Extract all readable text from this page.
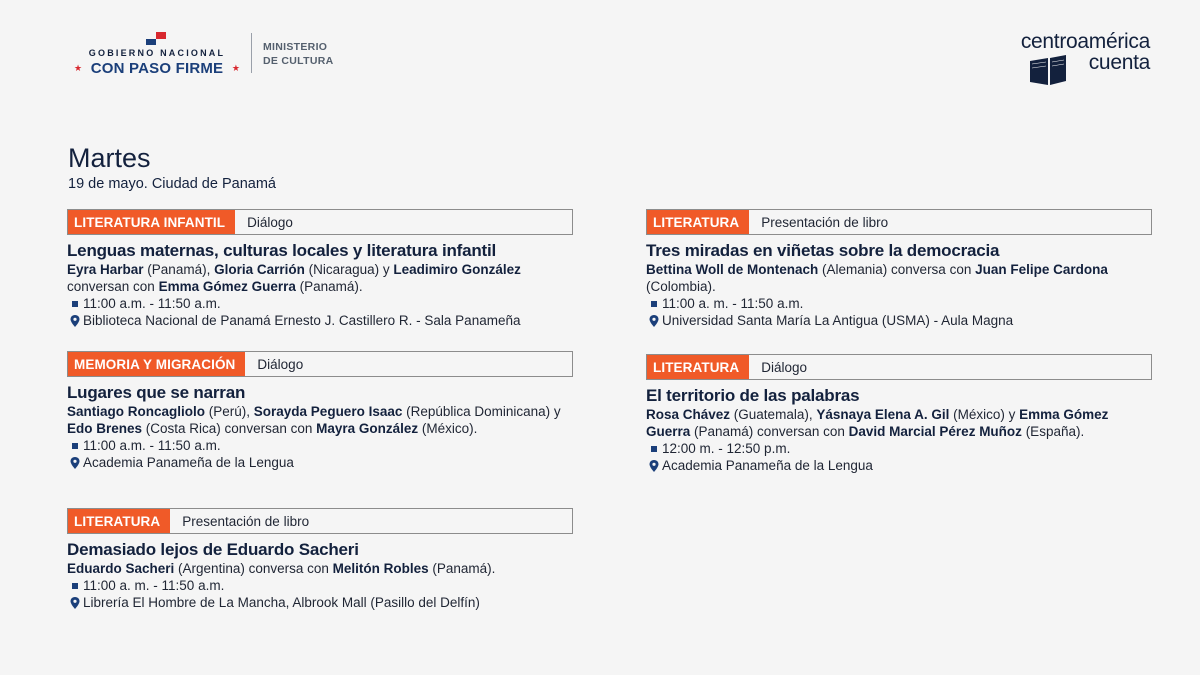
GOBIERNO NACIONAL
★ CON PASO FIRME ★
MINISTERIO
DE CULTURA
centroamérica
cuenta
Martes
19 de mayo. Ciudad de Panamá
LITERATURA INFANTIL	Diálogo
Lenguas maternas, culturas locales y literatura infantil
Eyra Harbar (Panamá), Gloria Carrión (Nicaragua) y Leadimiro González conversan con Emma Gómez Guerra (Panamá).
11:00 a.m. - 11:50 a.m.
Biblioteca Nacional de Panamá Ernesto J. Castillero R. - Sala Panameña
MEMORIA Y MIGRACIÓN	Diálogo
Lugares que se narran
Santiago Roncagliolo (Perú), Sorayda Peguero Isaac (República Dominicana) y Edo Brenes (Costa Rica) conversan con Mayra González (México).
11:00 a.m. - 11:50 a.m.
Academia Panameña de la Lengua
LITERATURA	Presentación de libro
Demasiado lejos de Eduardo Sacheri
Eduardo Sacheri (Argentina) conversa con Melitón Robles (Panamá).
11:00 a. m. - 11:50 a.m.
Librería El Hombre de La Mancha, Albrook Mall (Pasillo del Delfín)
LITERATURA	Presentación de libro
Tres miradas en viñetas sobre la democracia
Bettina Woll de Montenach (Alemania) conversa con Juan Felipe Cardona (Colombia).
11:00 a. m. - 11:50 a.m.
Universidad Santa María La Antigua (USMA) - Aula Magna
LITERATURA	Diálogo
El territorio de las palabras
Rosa Chávez (Guatemala), Yásnaya Elena A. Gil (México) y Emma Gómez Guerra (Panamá) conversan con David Marcial Pérez Muñoz (España).
12:00 m. - 12:50 p.m.
Academia Panameña de la Lengua
